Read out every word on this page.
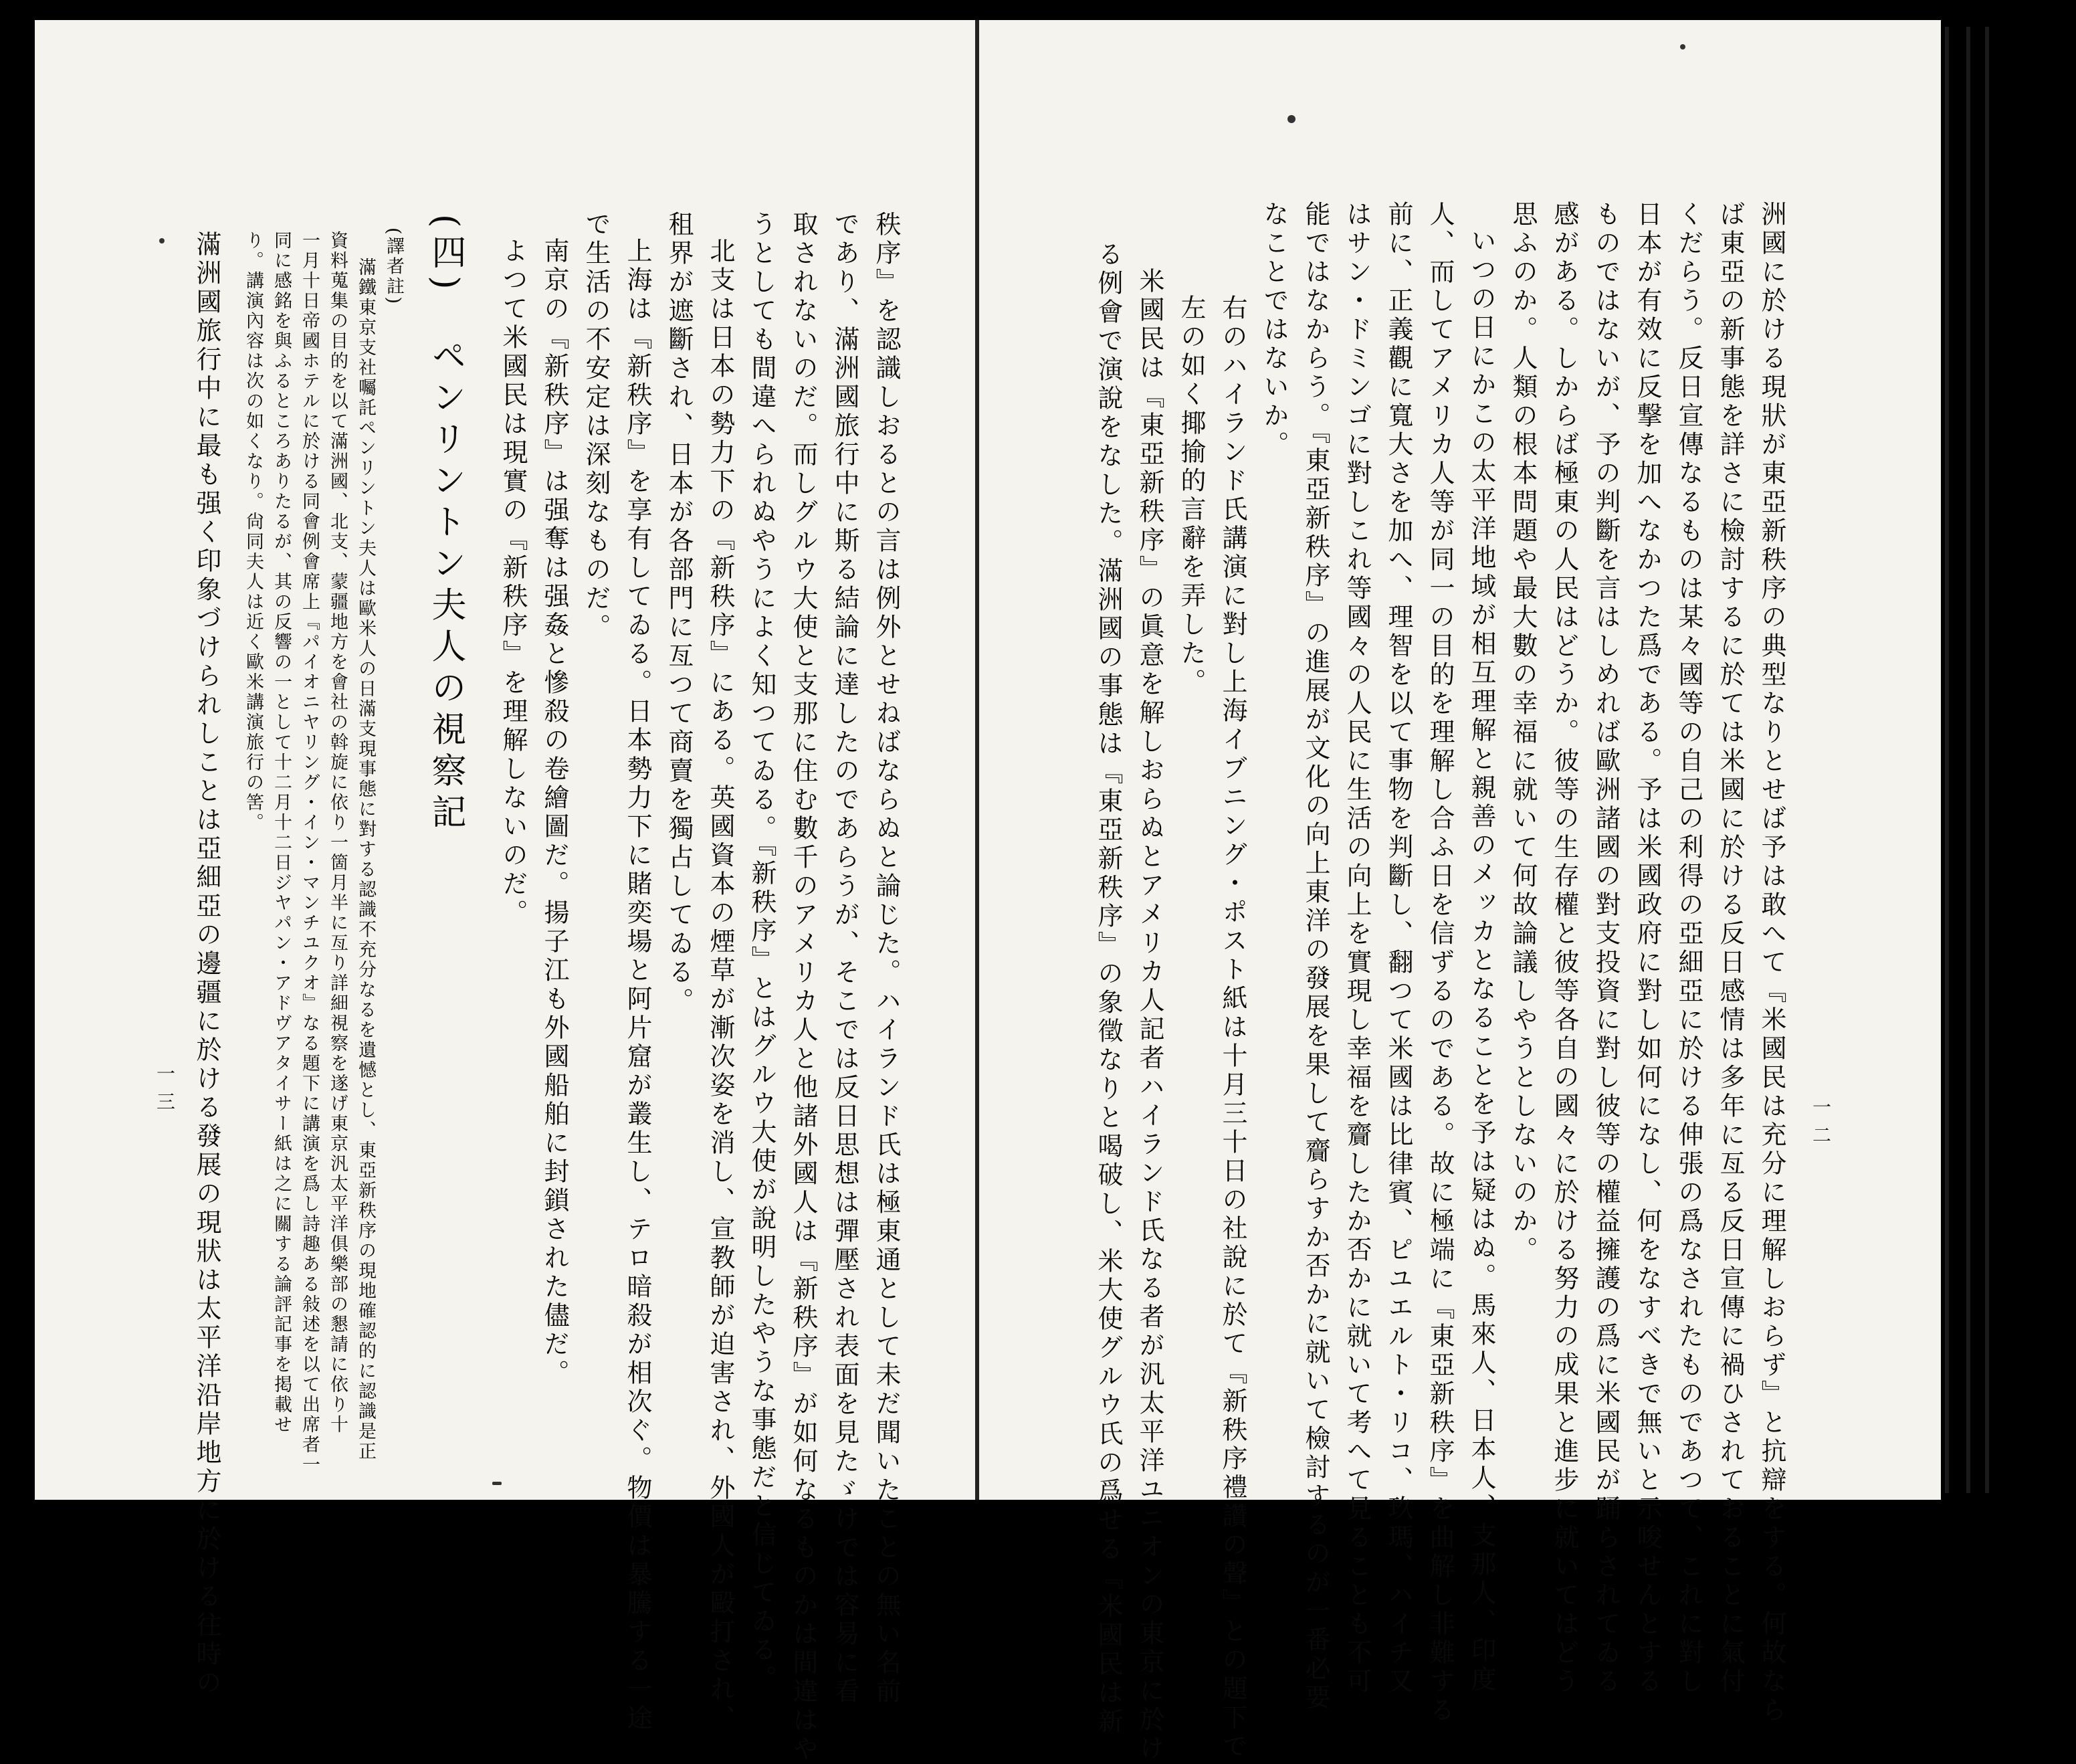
一二
洲國に於ける現狀が東亞新秩序の典型なりとせば予は敢へて『米國民は充分に理解しおらず』と抗辯をする。何故なら
ば東亞の新事態を詳さに檢討するに於ては米國に於ける反日感情は多年に亙る反日宣傳に禍ひされておることに氣付
くだらう。反日宣傳なるものは某々國等の自己の利得の亞細亞に於ける伸張の爲なされたものであつて、これに對し
日本が有效に反撃を加へなかつた爲である。予は米國政府に對し如何になし、何をなすべきで無いと示唆せんとする
ものではないが、予の判斷を言はしめれば歐洲諸國の對支投資に對し彼等の權益擁護の爲に米國民が踊らされてゐる
感がある。しからば極東の人民はどうか。彼等の生存權と彼等各自の國々に於ける努力の成果と進步に就いてはどう
思ふのか。人類の根本問題や最大數の幸福に就いて何故論議しやうとしないのか。
いつの日にかこの太平洋地域が相互理解と親善のメッカとなることを予は疑はぬ。馬來人、日本人、支那人、印度
人、而してアメリカ人等が同一の目的を理解し合ふ日を信ずるのである。故に極端に『東亞新秩序』を曲解し非難する
前に、正義觀に寬大さを加へ、理智を以て事物を判斷し、翻つて米國は比律賓、ピユエルト・リコ、玖瑪、ハイチ又
はサン・ドミンゴに對しこれ等國々の人民に生活の向上を實現し幸福を齎したか否かに就いて考へて見ることも不可
能ではなからう。『東亞新秩序』の進展が文化の向上東洋の發展を果して齎らすか否かに就いて檢討するのが一番必要
なことではないか。
右のハイランド氏講演に對し上海イブニング・ポスト紙は十月三十日の社說に於て『新秩序禮讚の聲』との題下で
左の如く揶揄的言辭を弄した。
米國民は『東亞新秩序』の眞意を解しおらぬとアメリカ人記者ハイランド氏なる者が汎太平洋ユニオンの東京に於け
る例會で演說をなした。滿洲國の事態は『東亞新秩序』の象徵なりと喝破し、米大使グルウ氏の爲せる『米國民は新
秩序』を認識しおるとの言は例外とせねばならぬと論じた。ハイランド氏は極東通として未だ聞いたことの無い名前
であり、滿洲國旅行中に斯る結論に達したのであらうが、そこでは反日思想は彈壓され表面を見たゞけでは容易に看
取されないのだ。而しグルウ大使と支那に住む數千のアメリカ人と他諸外國人は『新秩序』が如何なるものかは間違はや
うとしても間違へられぬやうによく知つてゐる。『新秩序』とはグルウ大使が說明したやうな事態だと信じてゐる。
北支は日本の勢力下の『新秩序』にある。英國資本の煙草が漸次姿を消し、宣教師が迫害され、外國人が毆打され、
租界が遮斷され、日本が各部門に亙つて商賣を獨占してゐる。
上海は『新秩序』を享有してゐる。日本勢力下に賭奕場と阿片窟が叢生し、テロ暗殺が相次ぐ。物價は暴騰する一途
で生活の不安定は深刻なものだ。
南京の『新秩序』は强奪は强姦と慘殺の卷繪圖だ。揚子江も外國船舶に封鎖された儘だ。
よつて米國民は現實の『新秩序』を理解しないのだ。
(四)　ペンリントン夫人の視察記
(譯者註)
滿鐵東京支社囑託ペンリントン夫人は歐米人の日滿支現事態に對する認識不充分なるを遺憾とし、東亞新秩序の現地確認的に認識是正
資料蒐集の目的を以て滿洲國、北支、蒙疆地方を會社の斡旋に依り一箇月半に亙り詳細視察を遂げ東京汎太平洋俱樂部の懇請に依り十
一月十日帝國ホテルに於ける同會例會席上『パイオニヤリング・イン・マンチユクオ』なる題下に講演を爲し詩趣ある敍述を以て出席者一
同に感銘を與ふるところありたるが、其の反響の一として十二月十二日ジヤパン・アドヴアタイサー紙は之に關する論評記事を掲載せ
り。講演內容は次の如くなり。尙同夫人は近く歐米講演旅行の筈。
滿洲國旅行中に最も强く印象づけられしことは亞細亞の邊疆に於ける發展の現狀は太平洋沿岸地方に於ける往時の
一三
